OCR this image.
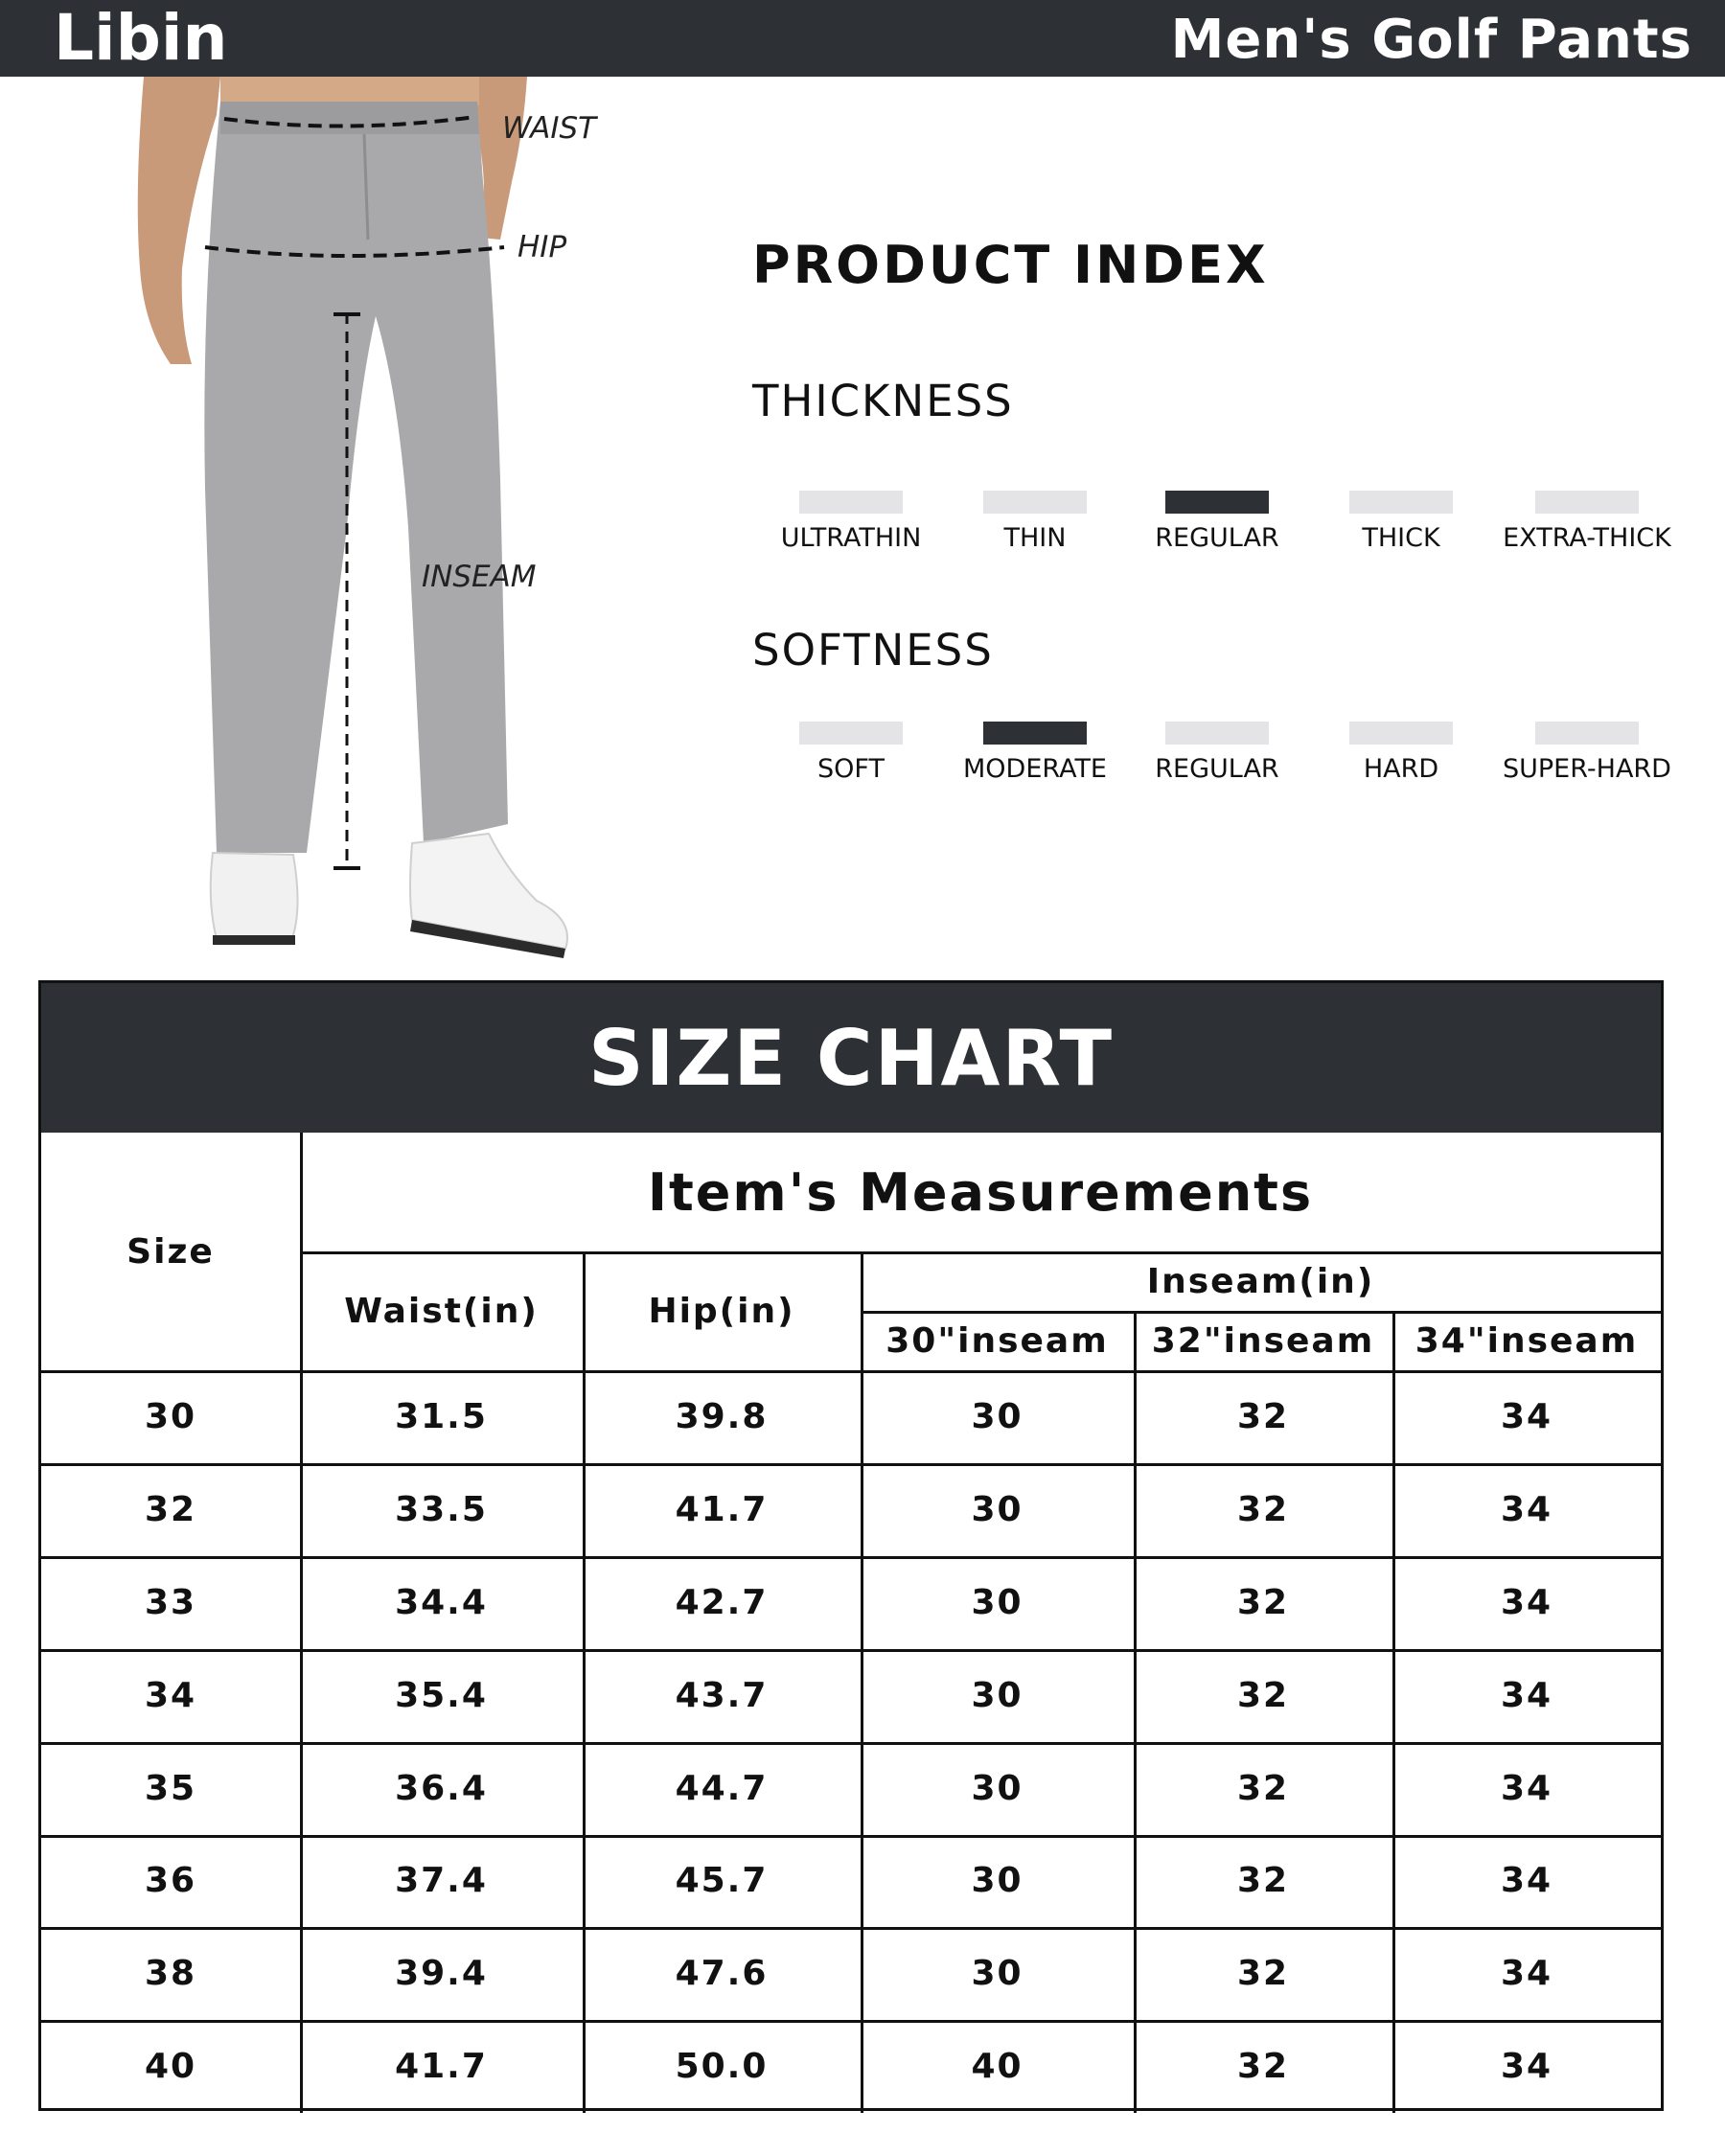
Libin	Men's Golf Pants
WAIST
HIP
INSEAM
PRODUCT INDEX
THICKNESS
ULTRATHIN	THIN	REGULAR	THICK	EXTRA-THICK
SOFTNESS
SOFT	MODERATE	REGULAR	HARD	SUPER-HARD
SIZE CHART
Size
Item's Measurements
Waist(in)	Hip(in)
Inseam(in)
30"inseam	32"inseam	34"inseam
30	31.5	39.8	30	32	34
32	33.5	41.7	30	32	34
33	34.4	42.7	30	32	34
34	35.4	43.7	30	32	34
35	36.4	44.7	30	32	34
36	37.4	45.7	30	32	34
38	39.4	47.6	30	32	34
40	41.7	50.0	40	32	34
